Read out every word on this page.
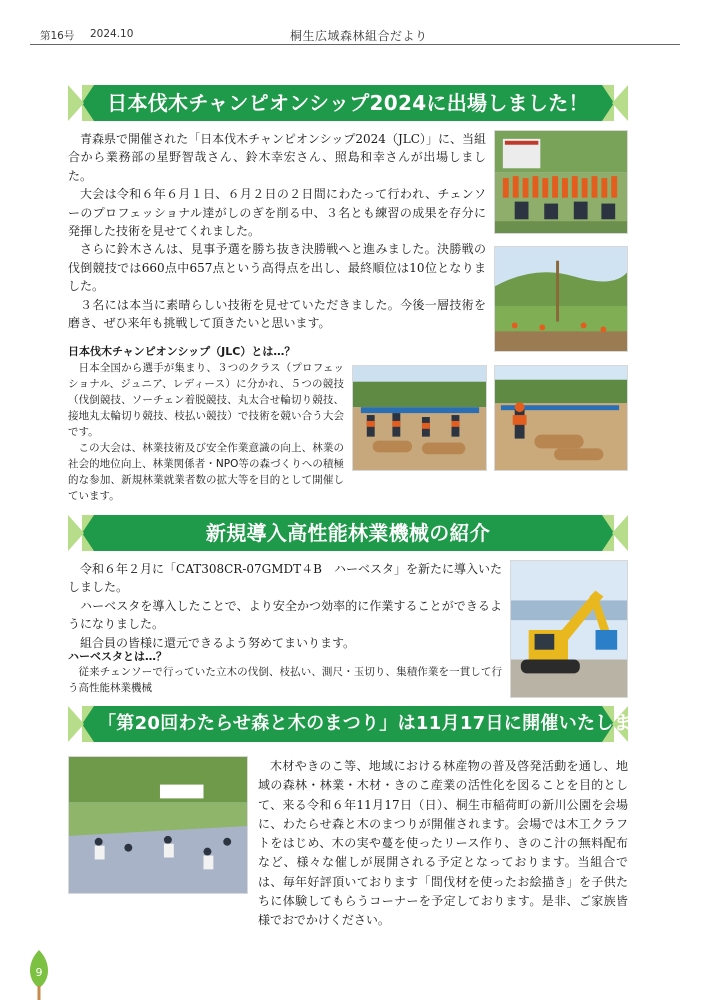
第16号 2024.10	桐生広域森林組合だより
日本伐木チャンピオンシップ2024に出場しました！

青森県で開催された「日本伐木チャンピオンシップ2024（JLC）」に、当組合から業務部の星野智哉さん、鈴木幸宏さん、照島和幸さんが出場しました。

大会は令和６年６月１日、６月２日の２日間にわたって行われ、チェンソーのプロフェッショナル達がしのぎを削る中、３名とも練習の成果を存分に発揮した技術を見せてくれました。

さらに鈴木さんは、見事予選を勝ち抜き決勝戦へと進みました。決勝戦の伐倒競技では660点中657点という高得点を出し、最終順位は10位となりました。

３名には本当に素晴らしい技術を見せていただきました。今後一層技術を磨き、ぜひ来年も挑戦して頂きたいと思います。

日本伐木チャンピオンシップ（JLC）とは…？

日本全国から選手が集まり、３つのクラス（プロフェッショナル、ジュニア、レディース）に分かれ、５つの競技（伐倒競技、ソーチェン着脱競技、丸太合せ輪切り競技、接地丸太輪切り競技、枝払い競技）で技術を競い合う大会です。

この大会は、林業技術及び安全作業意識の向上、林業の社会的地位向上、林業関係者・NPO等の森づくりへの積極的な参加、新規林業就業者数の拡大等を目的として開催しています。

新規導入高性能林業機械の紹介

令和６年２月に「CAT308CR-07GMDT４B　ハーベスタ」を新たに導入いたしました。

ハーベスタを導入したことで、より安全かつ効率的に作業することができるようになりました。

組合員の皆様に還元できるよう努めてまいります。

ハーベスタとは…？

従来チェンソーで行っていた立木の伐倒、枝払い、測尺・玉切り、集積作業を一貫して行う高性能林業機械

「第20回わたらせ森と木のまつり」は11月17日に開催いたします

木材やきのこ等、地域における林産物の普及啓発活動を通し、地域の森林・林業・木材・きのこ産業の活性化を図ることを目的として、来る令和６年11月17日（日）、桐生市稲荷町の新川公園を会場に、わたらせ森と木のまつりが開催されます。会場では木工クラフトをはじめ、木の実や蔓を使ったリース作り、きのこ汁の無料配布など、様々な催しが展開される予定となっております。当組合では、毎年好評頂いております「間伐材を使ったお絵描き」を子供たちに体験してもらうコーナーを予定しております。是非、ご家族皆様でおでかけください。

9
